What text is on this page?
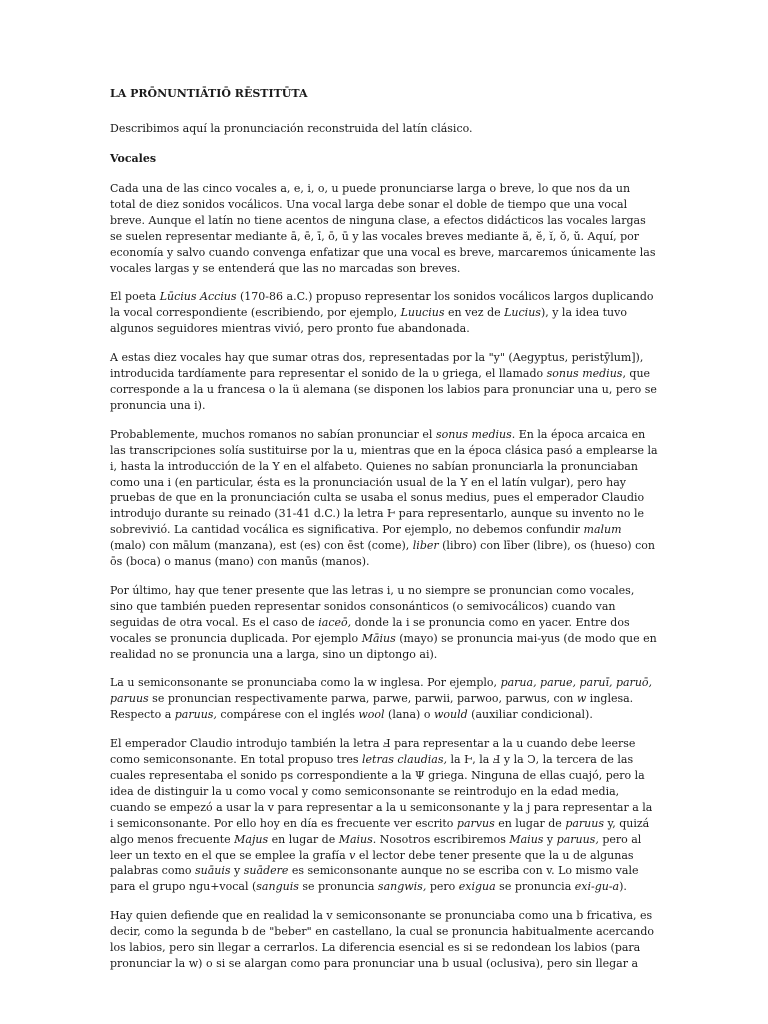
LA PRŌNUNTIĀTIŌ RĒSTITŪTA
Describimos aquí la pronunciación reconstruida del latín clásico.
Vocales

Cada una de las cinco vocales a, e, i, o, u puede pronunciarse larga o breve, lo que nos da un total de diez sonidos vocálicos. Una vocal larga debe sonar el doble de tiempo que una vocal breve. Aunque el latín no tiene acentos de ninguna clase, a efectos didácticos las vocales largas se suelen representar mediante ā, ē, ī, ō, ū y las vocales breves mediante ă, ĕ, ĭ, ŏ, ŭ. Aquí, por economía y salvo cuando convenga enfatizar que una vocal es breve, marcaremos únicamente las vocales largas y se entenderá que las no marcadas son breves.

El poeta Lūcius Accius (170-86 a.C.) propuso representar los sonidos vocálicos largos duplicando la vocal correspondiente (escribiendo, por ejemplo, Luucius en vez de Lucius), y la idea tuvo algunos seguidores mientras vivió, pero pronto fue abandonada.

A estas diez vocales hay que sumar otras dos, representadas por la "y" (Aegyptus, peristȳlum]), introducida tardíamente para representar el sonido de la υ griega, el llamado sonus medius, que corresponde a la u francesa o la ü alemana (se disponen los labios para pronunciar una u, pero se pronuncia una i).

Probablemente, muchos romanos no sabían pronunciar el sonus medius. En la época arcaica en las transcripciones solía sustituirse por la u, mientras que en la época clásica pasó a emplearse la i, hasta la introducción de la Y en el alfabeto. Quienes no sabían pronunciarla la pronunciaban como una i (en particular, ésta es la pronunciación usual de la Y en el latín vulgar), pero hay pruebas de que en la pronunciación culta se usaba el sonus medius, pues el emperador Claudio introdujo durante su reinado (31-41 d.C.) la letra Ⱶ para representarlo, aunque su invento no le sobrevivió. La cantidad vocálica es significativa. Por ejemplo, no debemos confundir malum (malo) con mālum (manzana), est (es) con ēst (come), liber (libro) con līber (libre), os (hueso) con ōs (boca) o manus (mano) con manūs (manos).

Por último, hay que tener presente que las letras i, u no siempre se pronuncian como vocales, sino que también pueden representar sonidos consonánticos (o semivocálicos) cuando van seguidas de otra vocal. Es el caso de iaceō, donde la i se pronuncia como en yacer. Entre dos vocales se pronuncia duplicada. Por ejemplo Māius (mayo) se pronuncia mai-yus (de modo que en realidad no se pronuncia una a larga, sino un diptongo ai).

La u semiconsonante se pronunciaba como la w inglesa. Por ejemplo, parua, parue, paruī, paruō, paruus se pronuncian respectivamente parwa, parwe, parwii, parwoo, parwus, con w inglesa. Respecto a paruus, compárese con el inglés wool (lana) o would (auxiliar condicional).

El emperador Claudio introdujo también la letra Ⅎ para representar a la u cuando debe leerse como semiconsonante. En total propuso tres letras claudias, la Ⱶ, la Ⅎ y la Ↄ, la tercera de las cuales representaba el sonido ps correspondiente a la Ψ griega. Ninguna de ellas cuajó, pero la idea de distinguir la u como vocal y como semiconsonante se reintrodujo en la edad media, cuando se empezó a usar la v para representar a la u semiconsonante y la j para representar a la i semiconsonante. Por ello hoy en día es frecuente ver escrito parvus en lugar de paruus y, quizá algo menos frecuente Majus en lugar de Maius. Nosotros escribiremos Maius y paruus, pero al leer un texto en el que se emplee la grafía v el lector debe tener presente que la u de algunas palabras como suāuis y suādere es semiconsonante aunque no se escriba con v. Lo mismo vale para el grupo ngu+vocal (sanguis se pronuncia sangwis, pero exigua se pronuncia exi-gu-a).

Hay quien defiende que en realidad la v semiconsonante se pronunciaba como una b fricativa, es decir, como la segunda b de "beber" en castellano, la cual se pronuncia habitualmente acercando los labios, pero sin llegar a cerrarlos. La diferencia esencial es si se redondean los labios (para pronunciar la w) o si se alargan como para pronunciar una b usual (oclusiva), pero sin llegar a
